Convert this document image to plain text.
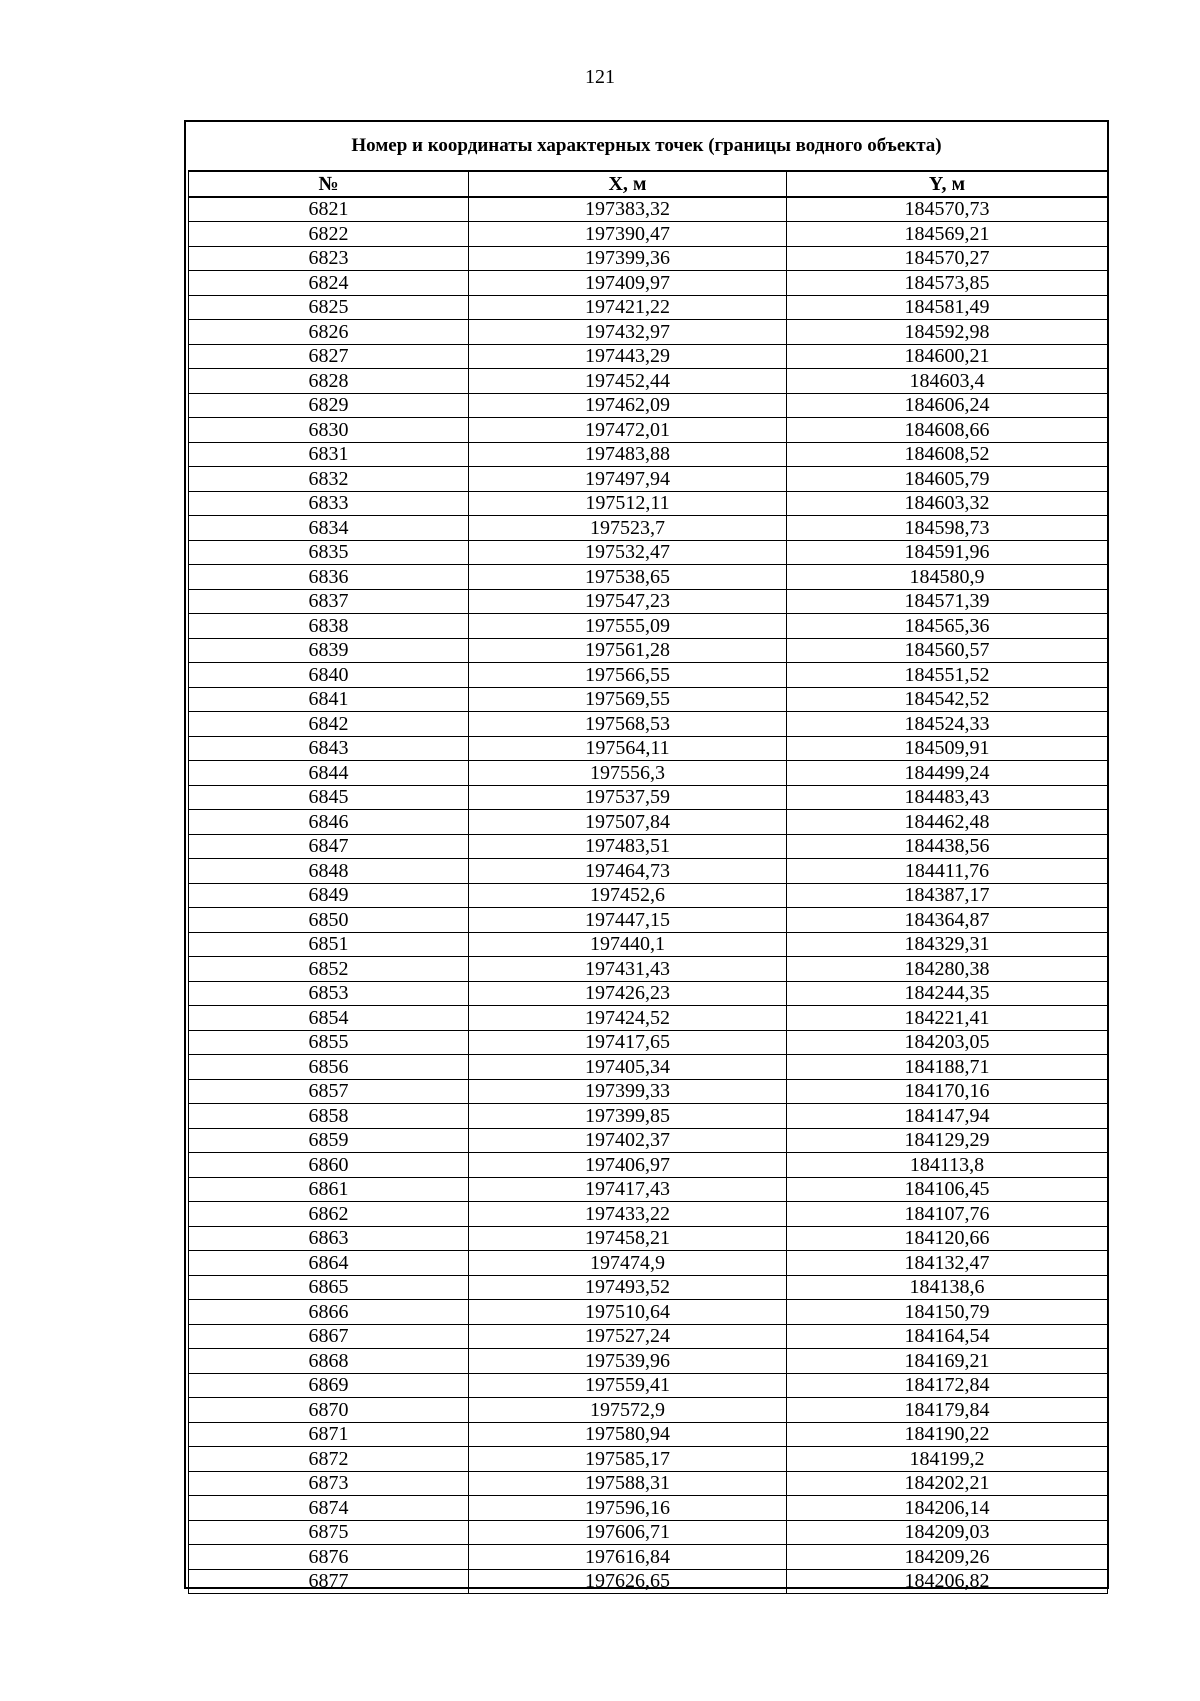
121
Номер и координаты характерных точек (границы водного объекта)
№	X, м	Y, м
6821	197383,32	184570,73
6822	197390,47	184569,21
6823	197399,36	184570,27
6824	197409,97	184573,85
6825	197421,22	184581,49
6826	197432,97	184592,98
6827	197443,29	184600,21
6828	197452,44	184603,4
6829	197462,09	184606,24
6830	197472,01	184608,66
6831	197483,88	184608,52
6832	197497,94	184605,79
6833	197512,11	184603,32
6834	197523,7	184598,73
6835	197532,47	184591,96
6836	197538,65	184580,9
6837	197547,23	184571,39
6838	197555,09	184565,36
6839	197561,28	184560,57
6840	197566,55	184551,52
6841	197569,55	184542,52
6842	197568,53	184524,33
6843	197564,11	184509,91
6844	197556,3	184499,24
6845	197537,59	184483,43
6846	197507,84	184462,48
6847	197483,51	184438,56
6848	197464,73	184411,76
6849	197452,6	184387,17
6850	197447,15	184364,87
6851	197440,1	184329,31
6852	197431,43	184280,38
6853	197426,23	184244,35
6854	197424,52	184221,41
6855	197417,65	184203,05
6856	197405,34	184188,71
6857	197399,33	184170,16
6858	197399,85	184147,94
6859	197402,37	184129,29
6860	197406,97	184113,8
6861	197417,43	184106,45
6862	197433,22	184107,76
6863	197458,21	184120,66
6864	197474,9	184132,47
6865	197493,52	184138,6
6866	197510,64	184150,79
6867	197527,24	184164,54
6868	197539,96	184169,21
6869	197559,41	184172,84
6870	197572,9	184179,84
6871	197580,94	184190,22
6872	197585,17	184199,2
6873	197588,31	184202,21
6874	197596,16	184206,14
6875	197606,71	184209,03
6876	197616,84	184209,26
6877	197626,65	184206,82
